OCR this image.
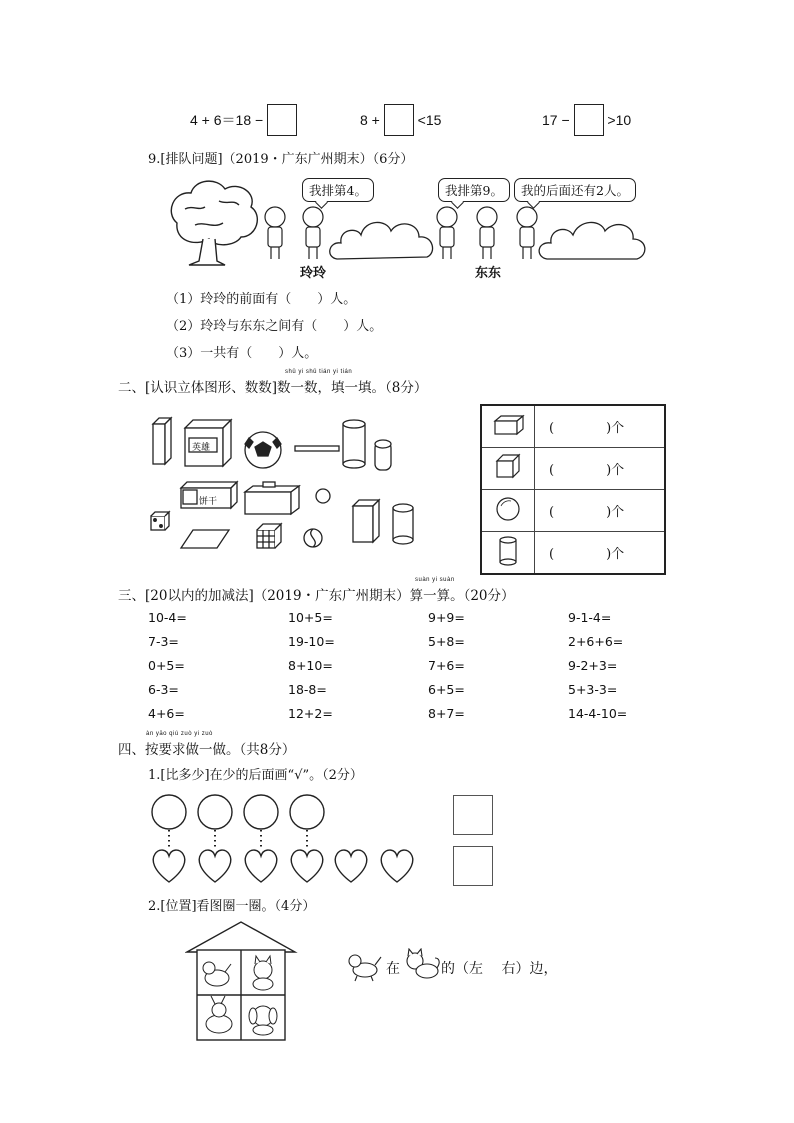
4 + 6＝18 −	8 +	<15	17 −	>10
9.[排队问题]（2019・广东广州期末）（6分）
我排第4。	我排第9。	我的后面还有2人。
玲玲	东东
（1）玲玲的前面有（　　）人。
（2）玲玲与东东之间有（　　）人。
（3）一共有（　　）人。
shǔ yi shǔ tián yi tián
二、[认识立体图形、数数]数一数，填一填。（8分）
英雄
饼干
	(　　　　)个
	(　　　　)个
	(　　　　)个
	(　　　　)个
suàn yi suàn
三、[20以内的加减法]（2019・广东广州期末）算一算。（20分）
10-4=	10+5=	9+9=	9-1-4=
7-3=	19-10=	5+8=	2+6+6=
0+5=	8+10=	7+6=	9-2+3=
6-3=	18-8=	6+5=	5+3-3=
4+6=	12+2=	8+7=	14-4-10=
àn yāo qiú zuò yi zuò
四、按要求做一做。（共8分）
1.[比多少]在少的后面画“√”。（2分）
2.[位置]看图圈一圈。（4分）
在	的（左　 右）边，
